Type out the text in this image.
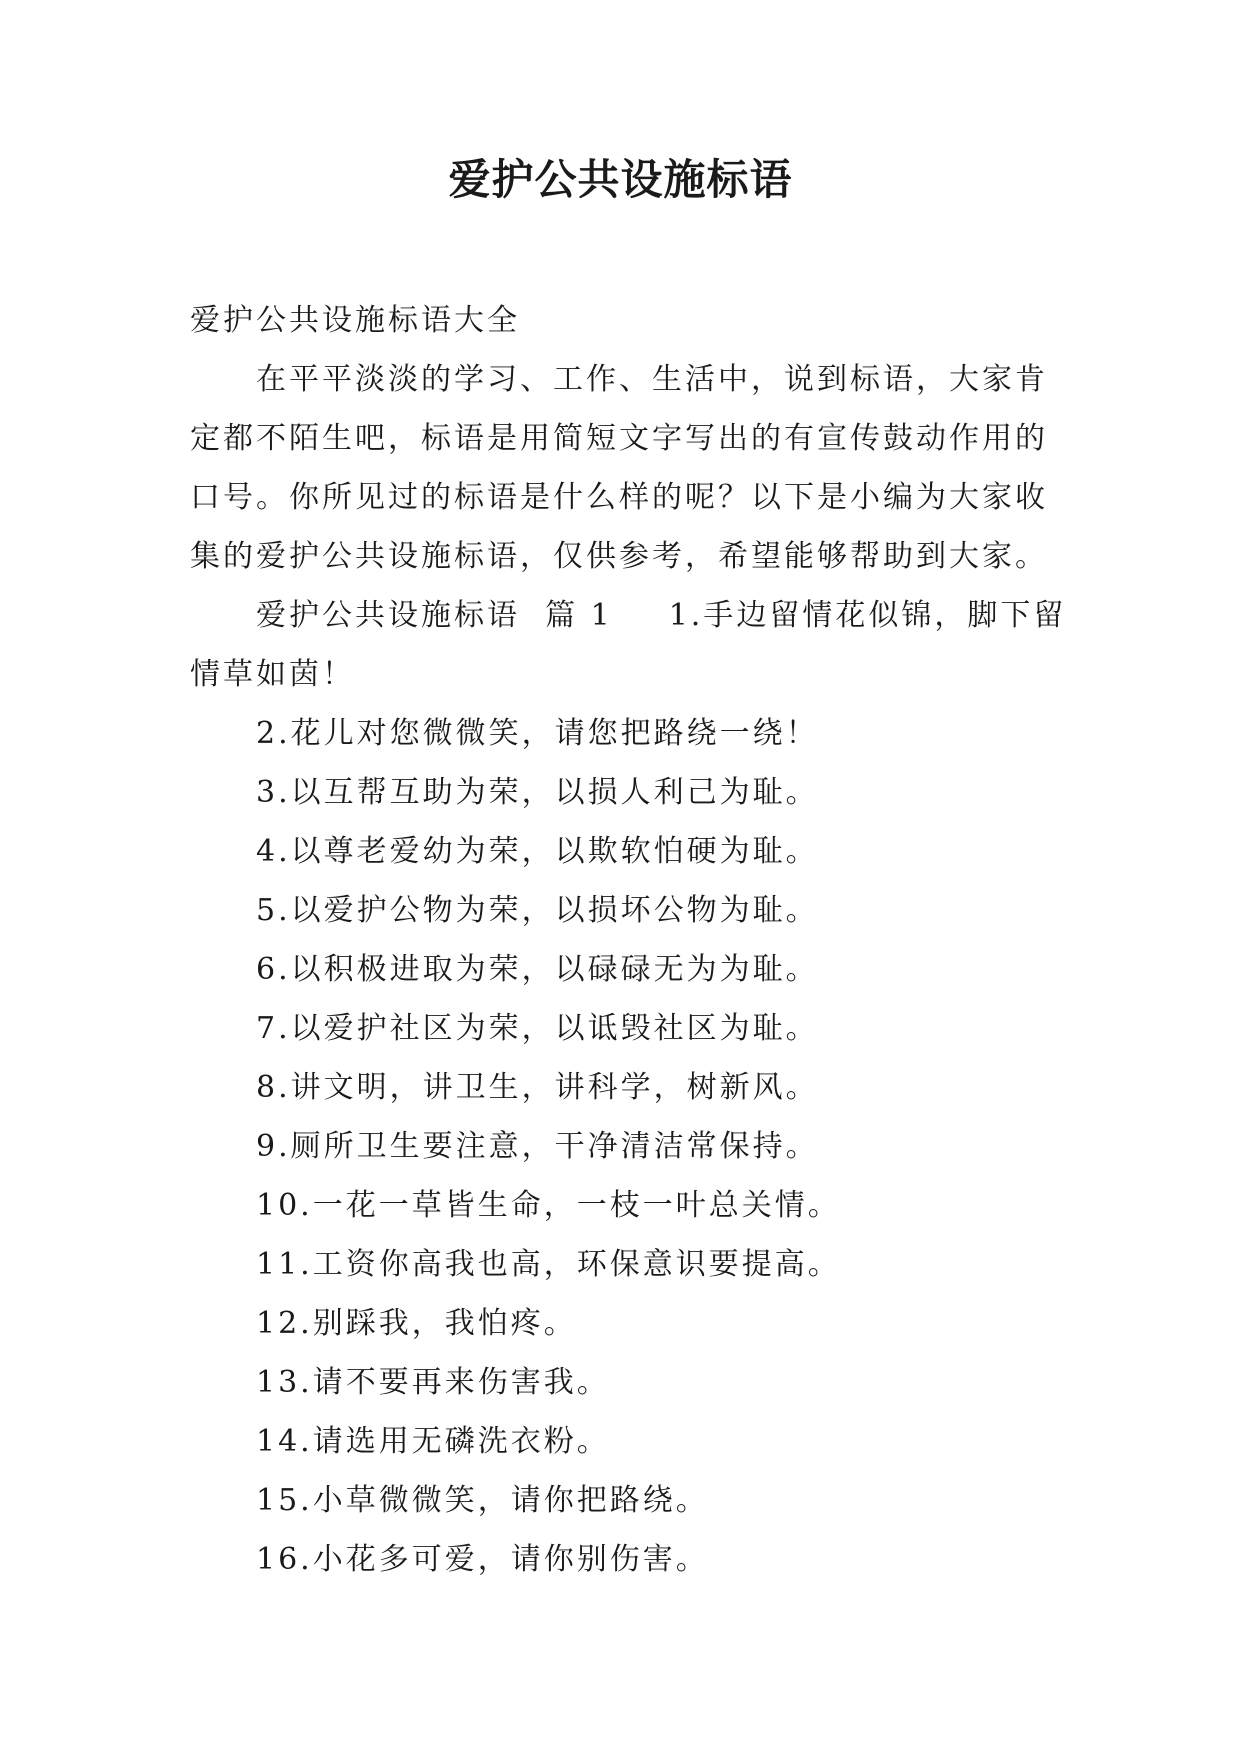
爱护公共设施标语
爱护公共设施标语大全
在平平淡淡的学习、工作、生活中，说到标语，大家肯
定都不陌生吧，标语是用简短文字写出的有宣传鼓动作用的
口号。你所见过的标语是什么样的呢？以下是小编为大家收
集的爱护公共设施标语，仅供参考，希望能够帮助到大家。
爱护公共设施标语  篇 1 1.手边留情花似锦，脚下留
情草如茵！
2.花儿对您微微笑，请您把路绕一绕！
3.以互帮互助为荣，以损人利己为耻。
4.以尊老爱幼为荣，以欺软怕硬为耻。
5.以爱护公物为荣，以损坏公物为耻。
6.以积极进取为荣，以碌碌无为为耻。
7.以爱护社区为荣，以诋毁社区为耻。
8.讲文明，讲卫生，讲科学，树新风。
9.厕所卫生要注意，干净清洁常保持。
10.一花一草皆生命，一枝一叶总关情。
11.工资你高我也高，环保意识要提高。
12.别踩我，我怕疼。
13.请不要再来伤害我。
14.请选用无磷洗衣粉。
15.小草微微笑，请你把路绕。
16.小花多可爱，请你别伤害。
